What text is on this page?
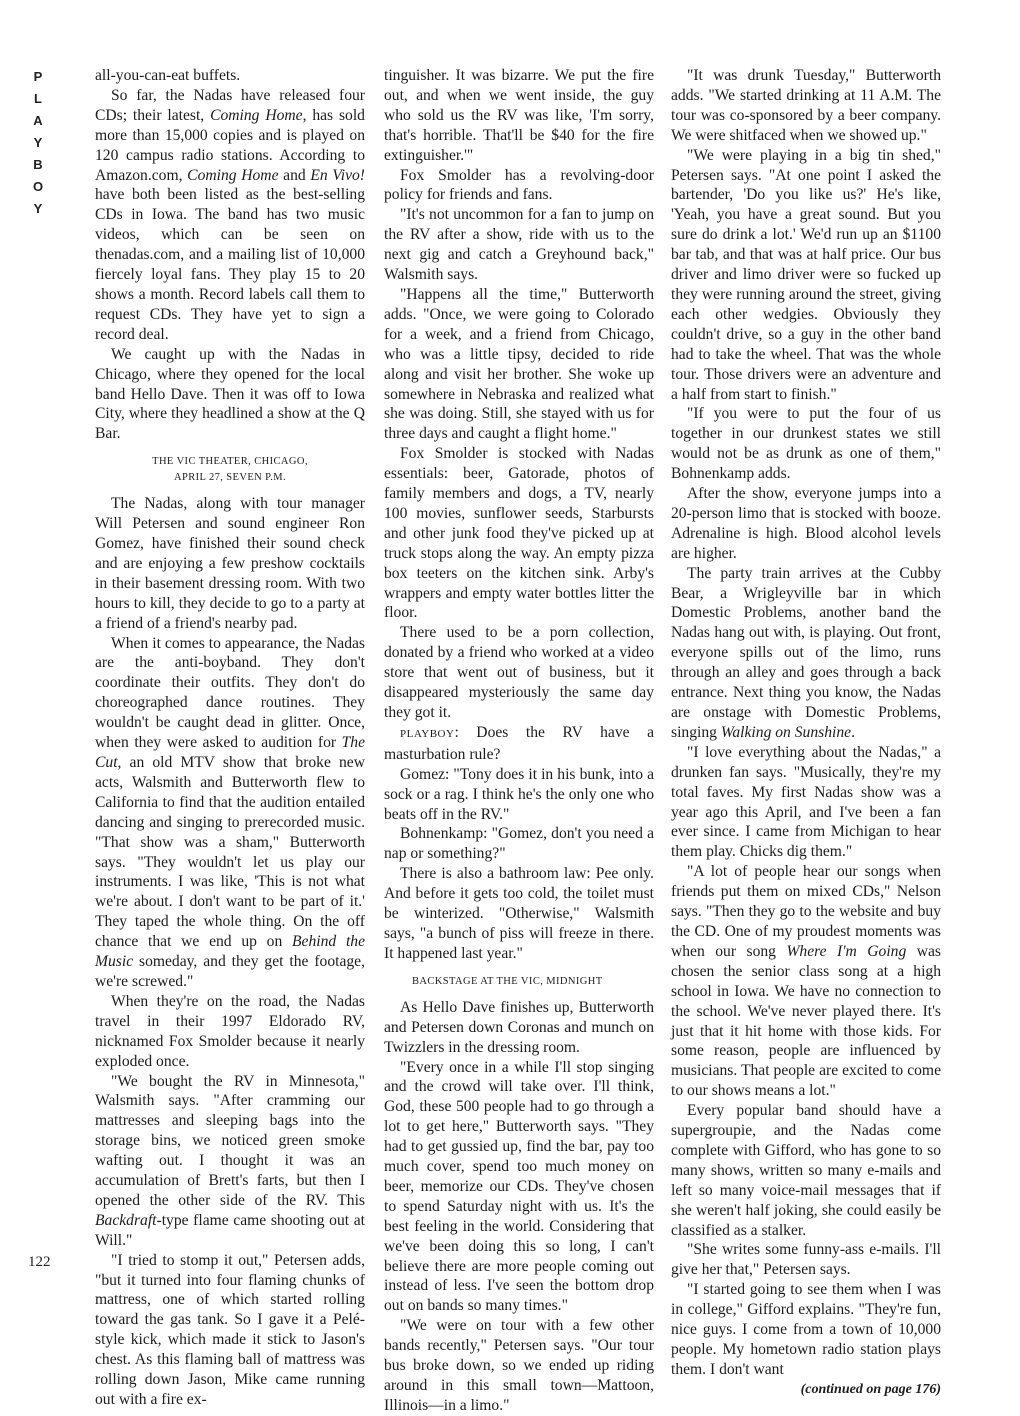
P
L
A
Y
B
O
Y
122

all-you-can-eat buffets.

So far, the Nadas have released four CDs; their latest, Coming Home, has sold more than 15,000 copies and is played on 120 campus radio stations. According to Amazon.com, Coming Home and En Vivo! have both been listed as the best-selling CDs in Iowa. The band has two music videos, which can be seen on thenadas.com, and a mailing list of 10,000 fiercely loyal fans. They play 15 to 20 shows a month. Record labels call them to request CDs. They have yet to sign a record deal.

We caught up with the Nadas in Chicago, where they opened for the local band Hello Dave. Then it was off to Iowa City, where they headlined a show at the Q Bar.

THE VIC THEATER, CHICAGO,
APRIL 27, SEVEN P.M.

The Nadas, along with tour manager Will Petersen and sound engineer Ron Gomez, have finished their sound check and are enjoying a few preshow cocktails in their basement dressing room. With two hours to kill, they decide to go to a party at a friend of a friend's nearby pad.

When it comes to appearance, the Nadas are the anti-boyband. They don't coordinate their outfits. They don't do choreographed dance routines. They wouldn't be caught dead in glitter. Once, when they were asked to audition for The Cut, an old MTV show that broke new acts, Walsmith and Butterworth flew to California to find that the audition entailed dancing and singing to prerecorded music. "That show was a sham," Butterworth says. "They wouldn't let us play our instruments. I was like, 'This is not what we're about. I don't want to be part of it.' They taped the whole thing. On the off chance that we end up on Behind the Music someday, and they get the footage, we're screwed."

When they're on the road, the Nadas travel in their 1997 Eldorado RV, nicknamed Fox Smolder because it nearly exploded once.

"We bought the RV in Minnesota," Walsmith says. "After cramming our mattresses and sleeping bags into the storage bins, we noticed green smoke wafting out. I thought it was an accumulation of Brett's farts, but then I opened the other side of the RV. This Backdraft-type flame came shooting out at Will."

"I tried to stomp it out," Petersen adds, "but it turned into four flaming chunks of mattress, one of which started rolling toward the gas tank. So I gave it a Pelé-style kick, which made it stick to Jason's chest. As this flaming ball of mattress was rolling down Jason, Mike came running out with a fire ex-

tinguisher. It was bizarre. We put the fire out, and when we went inside, the guy who sold us the RV was like, 'I'm sorry, that's horrible. That'll be $40 for the fire extinguisher.'"

Fox Smolder has a revolving-door policy for friends and fans.

"It's not uncommon for a fan to jump on the RV after a show, ride with us to the next gig and catch a Greyhound back," Walsmith says.

"Happens all the time," Butterworth adds. "Once, we were going to Colorado for a week, and a friend from Chicago, who was a little tipsy, decided to ride along and visit her brother. She woke up somewhere in Nebraska and realized what she was doing. Still, she stayed with us for three days and caught a flight home."

Fox Smolder is stocked with Nadas essentials: beer, Gatorade, photos of family members and dogs, a TV, nearly 100 movies, sunflower seeds, Starbursts and other junk food they've picked up at truck stops along the way. An empty pizza box teeters on the kitchen sink. Arby's wrappers and empty water bottles litter the floor.

There used to be a porn collection, donated by a friend who worked at a video store that went out of business, but it disappeared mysteriously the same day they got it.

PLAYBOY: Does the RV have a masturbation rule?

Gomez: "Tony does it in his bunk, into a sock or a rag. I think he's the only one who beats off in the RV."

Bohnenkamp: "Gomez, don't you need a nap or something?"

There is also a bathroom law: Pee only. And before it gets too cold, the toilet must be winterized. "Otherwise," Walsmith says, "a bunch of piss will freeze in there. It happened last year."

BACKSTAGE AT THE VIC, MIDNIGHT

As Hello Dave finishes up, Butterworth and Petersen down Coronas and munch on Twizzlers in the dressing room.

"Every once in a while I'll stop singing and the crowd will take over. I'll think, God, these 500 people had to go through a lot to get here," Butterworth says. "They had to get gussied up, find the bar, pay too much cover, spend too much money on beer, memorize our CDs. They've chosen to spend Saturday night with us. It's the best feeling in the world. Considering that we've been doing this so long, I can't believe there are more people coming out instead of less. I've seen the bottom drop out on bands so many times."

"We were on tour with a few other bands recently," Petersen says. "Our tour bus broke down, so we ended up riding around in this small town—Mattoon, Illinois—in a limo."

"It was drunk Tuesday," Butterworth adds. "We started drinking at 11 A.M. The tour was co-sponsored by a beer company. We were shitfaced when we showed up."

"We were playing in a big tin shed," Petersen says. "At one point I asked the bartender, 'Do you like us?' He's like, 'Yeah, you have a great sound. But you sure do drink a lot.' We'd run up an $1100 bar tab, and that was at half price. Our bus driver and limo driver were so fucked up they were running around the street, giving each other wedgies. Obviously they couldn't drive, so a guy in the other band had to take the wheel. That was the whole tour. Those drivers were an adventure and a half from start to finish."

"If you were to put the four of us together in our drunkest states we still would not be as drunk as one of them," Bohnenkamp adds.

After the show, everyone jumps into a 20-person limo that is stocked with booze. Adrenaline is high. Blood alcohol levels are higher.

The party train arrives at the Cubby Bear, a Wrigleyville bar in which Domestic Problems, another band the Nadas hang out with, is playing. Out front, everyone spills out of the limo, runs through an alley and goes through a back entrance. Next thing you know, the Nadas are onstage with Domestic Problems, singing Walking on Sunshine.

"I love everything about the Nadas," a drunken fan says. "Musically, they're my total faves. My first Nadas show was a year ago this April, and I've been a fan ever since. I came from Michigan to hear them play. Chicks dig them."

"A lot of people hear our songs when friends put them on mixed CDs," Nelson says. "Then they go to the website and buy the CD. One of my proudest moments was when our song Where I'm Going was chosen the senior class song at a high school in Iowa. We have no connection to the school. We've never played there. It's just that it hit home with those kids. For some reason, people are influenced by musicians. That people are excited to come to our shows means a lot."

Every popular band should have a supergroupie, and the Nadas come complete with Gifford, who has gone to so many shows, written so many e-mails and left so many voice-mail messages that if she weren't half joking, she could easily be classified as a stalker.

"She writes some funny-ass e-mails. I'll give her that," Petersen says.

"I started going to see them when I was in college," Gifford explains. "They're fun, nice guys. I come from a town of 10,000 people. My hometown radio station plays them. I don't want

(continued on page 176)
